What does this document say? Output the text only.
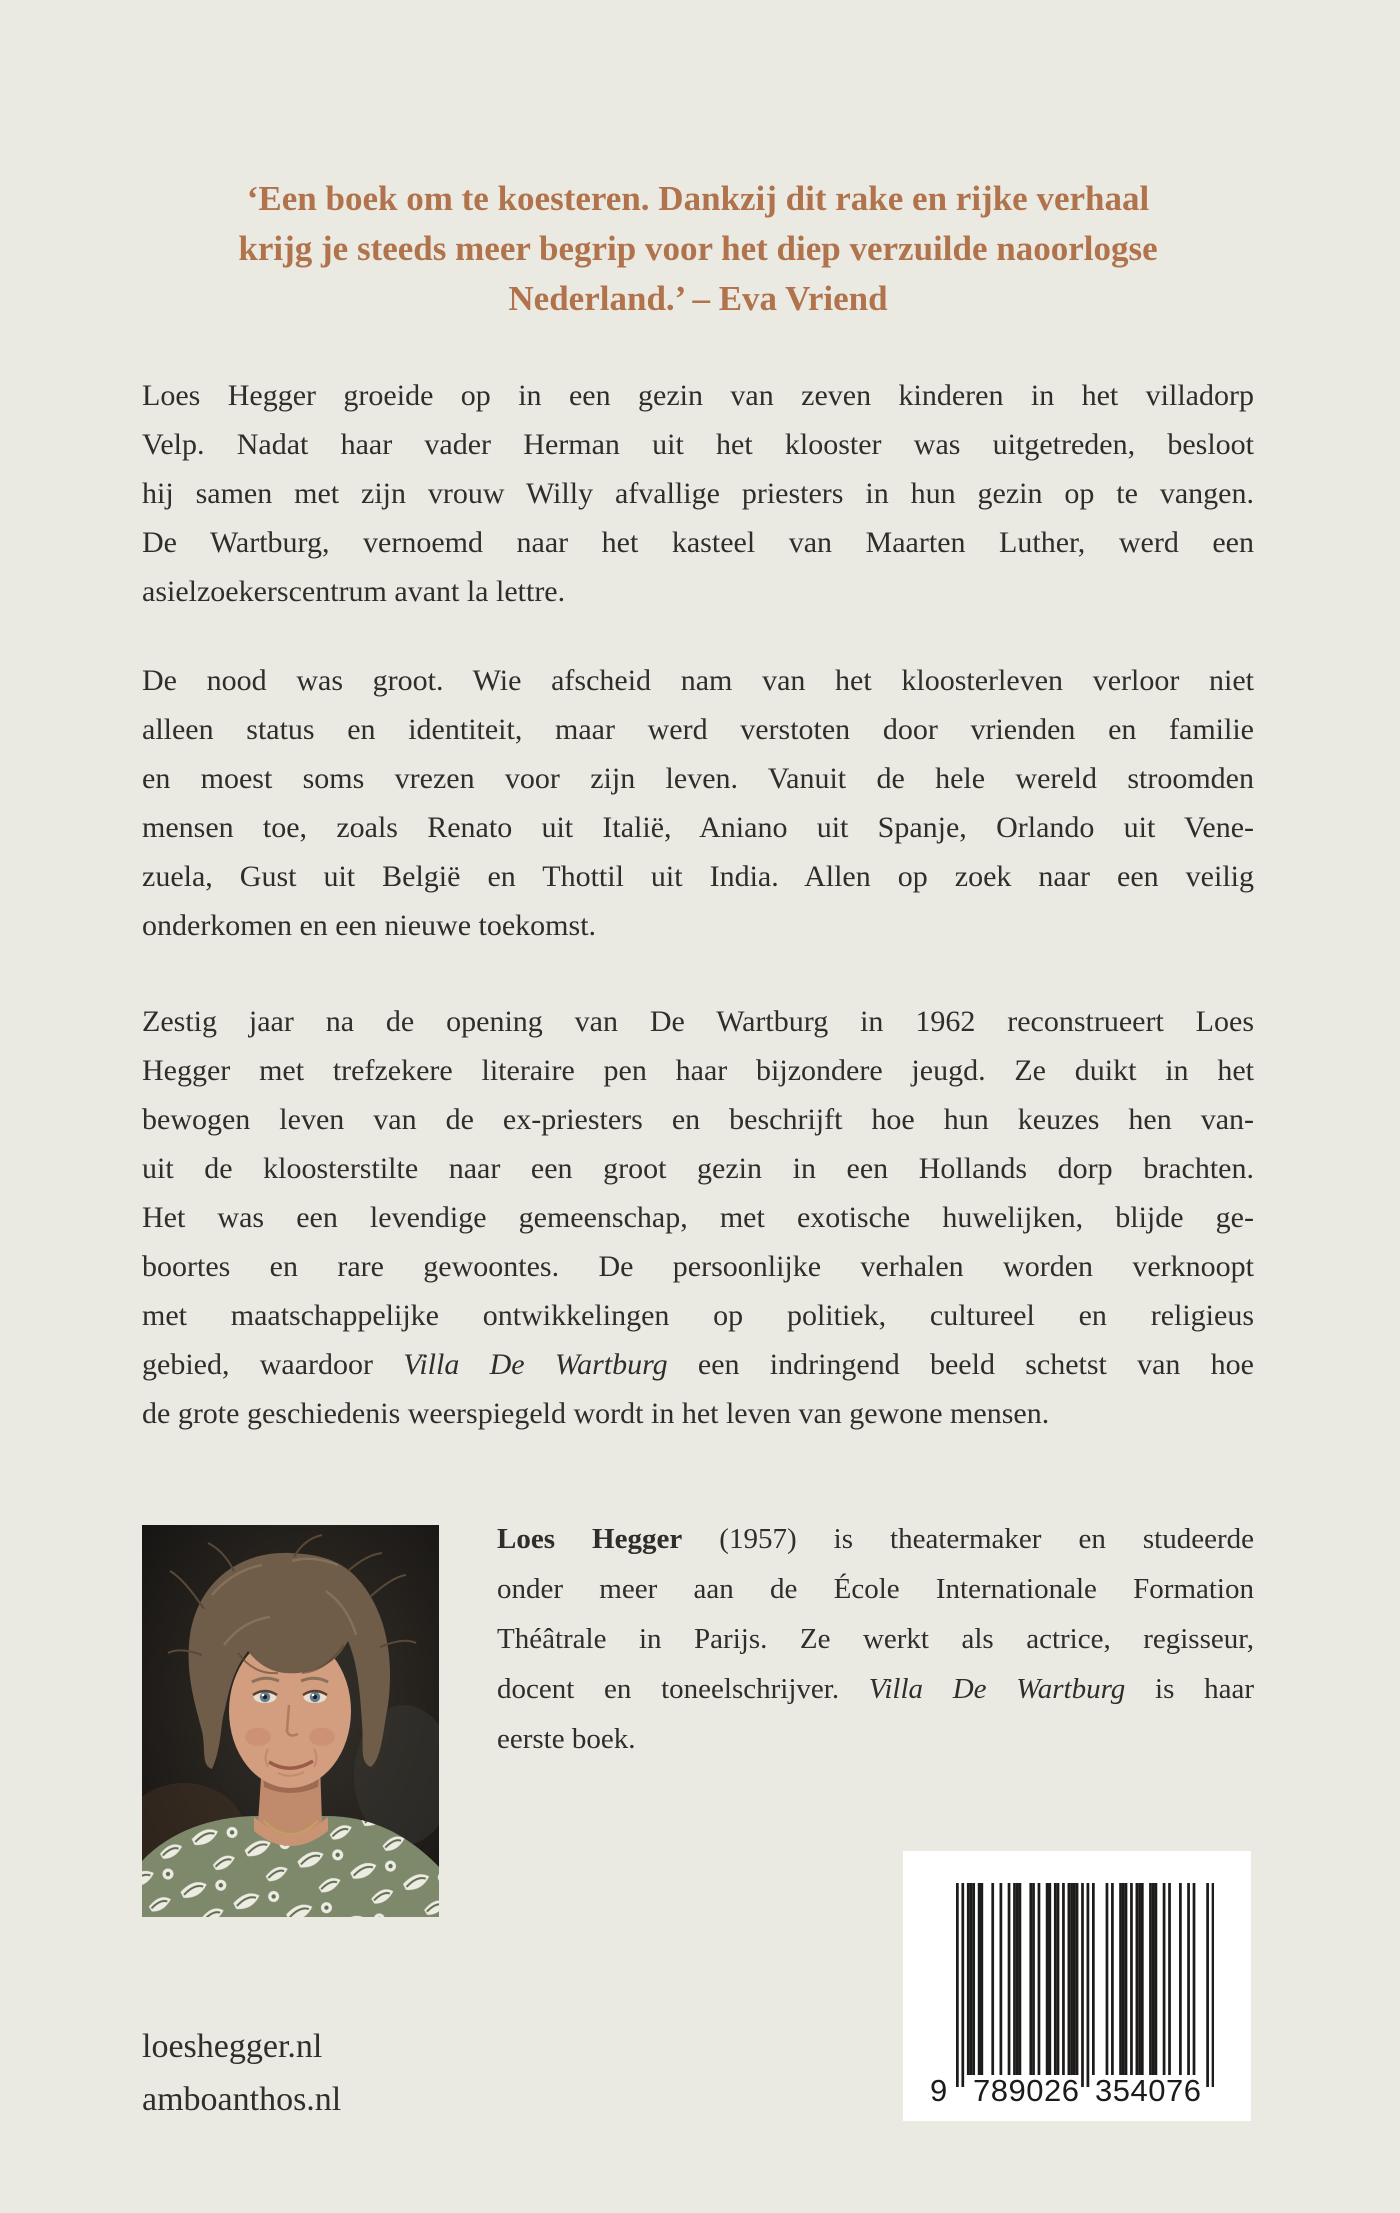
‘Een boek om te koesteren. Dankzij dit rake en rijke verhaal
krijg je steeds meer begrip voor het diep verzuilde naoorlogse
Nederland.’ – Eva Vriend
Loes Hegger groeide op in een gezin van zeven kinderen in het villadorp
Velp. Nadat haar vader Herman uit het klooster was uitgetreden, besloot
hij samen met zijn vrouw Willy afvallige priesters in hun gezin op te vangen.
De Wartburg, vernoemd naar het kasteel van Maarten Luther, werd een
asielzoekerscentrum avant la lettre.
De nood was groot. Wie afscheid nam van het kloosterleven verloor niet
alleen status en identiteit, maar werd verstoten door vrienden en familie
en moest soms vrezen voor zijn leven. Vanuit de hele wereld stroomden
mensen toe, zoals Renato uit Italië, Aniano uit Spanje, Orlando uit Vene-
zuela, Gust uit België en Thottil uit India. Allen op zoek naar een veilig
onderkomen en een nieuwe toekomst.
Zestig jaar na de opening van De Wartburg in 1962 reconstrueert Loes
Hegger met trefzekere literaire pen haar bijzondere jeugd. Ze duikt in het
bewogen leven van de ex-priesters en beschrijft hoe hun keuzes hen van-
uit de kloosterstilte naar een groot gezin in een Hollands dorp brachten.
Het was een levendige gemeenschap, met exotische huwelijken, blijde ge-
boortes en rare gewoontes. De persoonlijke verhalen worden verknoopt
met maatschappelijke ontwikkelingen op politiek, cultureel en religieus
gebied, waardoor Villa De Wartburg een indringend beeld schetst van hoe
de grote geschiedenis weerspiegeld wordt in het leven van gewone mensen.
Loes Hegger (1957) is theatermaker en studeerde
onder meer aan de École Internationale Formation
Théâtrale in Parijs. Ze werkt als actrice, regisseur,
docent en toneelschrijver. Villa De Wartburg is haar
eerste boek.
loeshegger.nl
amboanthos.nl	9 789026 354076
